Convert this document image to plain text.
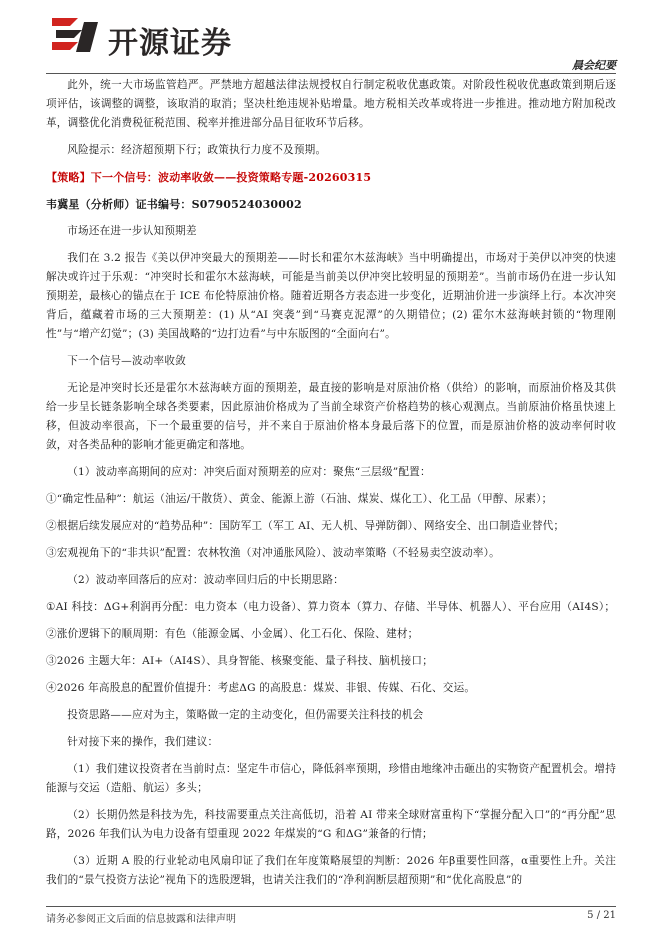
开源证券
晨会纪要

此外，统一大市场监管趋严。严禁地方超越法律法规授权自行制定税收优惠政策。对阶段性税收优惠政策到期后逐项评估，该调整的调整，该取消的取消；坚决杜绝违规补贴增量。地方税相关改革或将进一步推进。推动地方附加税改革，调整优化消费税征税范围、税率并推进部分品目征收环节后移。

风险提示：经济超预期下行；政策执行力度不及预期。

【策略】下一个信号：波动率收敛——投资策略专题-20260315

韦冀星（分析师）证书编号：S0790524030002

市场还在进一步认知预期差

我们在 3.2 报告《美以伊冲突最大的预期差——时长和霍尔木兹海峡》当中明确提出，市场对于美伊以冲突的快速解决或许过于乐观：“冲突时长和霍尔木兹海峡，可能是当前美以伊冲突比较明显的预期差”。当前市场仍在进一步认知预期差，最核心的锚点在于 ICE 布伦特原油价格。随着近期各方表态进一步变化，近期油价进一步演绎上行。本次冲突背后，蕴藏着市场的三大预期差：(1) 从“AI 突袭”到“马赛克泥潭”的久期错位；(2) 霍尔木兹海峡封锁的“物理刚性”与“增产幻觉”；(3) 美国战略的“边打边看”与中东版图的“全面向右”。

下一个信号—波动率收敛

无论是冲突时长还是霍尔木兹海峡方面的预期差，最直接的影响是对原油价格（供给）的影响，而原油价格及其供给一步呈长链条影响全球各类要素，因此原油价格成为了当前全球资产价格趋势的核心观测点。当前原油价格虽快速上移，但波动率很高，下一个最重要的信号，并不来自于原油价格本身最后落下的位置，而是原油价格的波动率何时收敛，对各类品种的影响才能更确定和落地。

（1）波动率高期间的应对：冲突后面对预期差的应对：聚焦“三层级”配置：

①“确定性品种”：航运（油运/干散货）、黄金、能源上游（石油、煤炭、煤化工）、化工品（甲醇、尿素）；

②根据后续发展应对的“趋势品种”：国防军工（军工 AI、无人机、导弹防御）、网络安全、出口制造业替代；

③宏观视角下的“非共识”配置：农林牧渔（对冲通胀风险）、波动率策略（不轻易卖空波动率）。

（2）波动率回落后的应对：波动率回归后的中长期思路：

①AI 科技：ΔG+利润再分配：电力资本（电力设备）、算力资本（算力、存储、半导体、机器人）、平台应用（AI4S）；

②涨价逻辑下的顺周期：有色（能源金属、小金属）、化工石化、保险、建材；

③2026 主题大年：AI+（AI4S）、具身智能、核聚变能、量子科技、脑机接口；

④2026 年高股息的配置价值提升：考虑ΔG 的高股息：煤炭、非银、传媒、石化、交运。

投资思路——应对为主，策略做一定的主动变化，但仍需要关注科技的机会

针对接下来的操作，我们建议：

（1）我们建议投资者在当前时点：坚定牛市信心，降低斜率预期，珍惜由地缘冲击砸出的实物资产配置机会。增持能源与交运（造船、航运）多头；

（2）长期仍然是科技为先，科技需要重点关注高低切，沿着 AI 带来全球财富重构下“掌握分配入口”的“再分配”思路，2026 年我们认为电力设备有望重现 2022 年煤炭的“G 和ΔG”兼备的行情；

（3）近期 A 股的行业轮动电风扇印证了我们在年度策略展望的判断：2026 年β重要性回落，α重要性上升。关注我们的“景气投资方法论”视角下的选股逻辑，也请关注我们的“净利润断层超预期”和“优化高股息”的

请务必参阅正文后面的信息披露和法律声明	5 / 21
